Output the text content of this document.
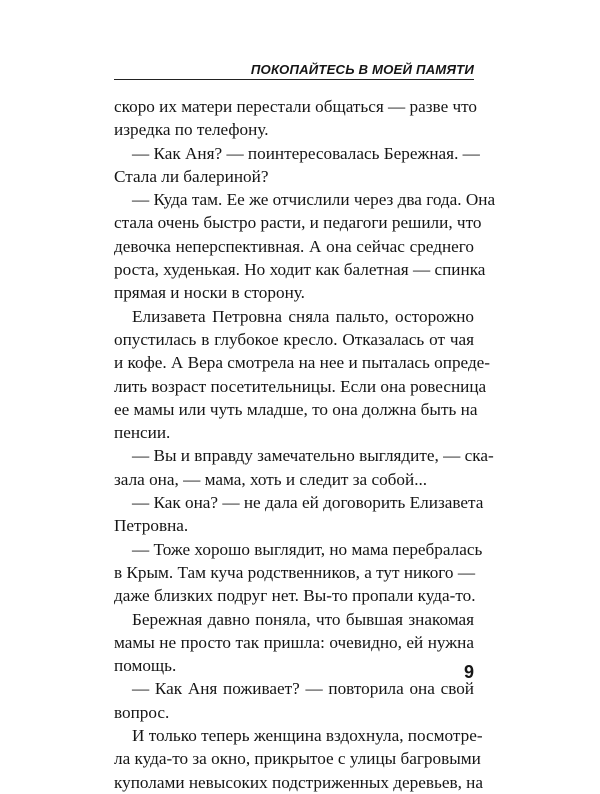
ПОКОПАЙТЕСЬ В МОЕЙ ПАМЯТИ
скоро их матери перестали общаться — разве что
изредка по телефону.
— Как Аня? — поинтересовалась Бережная. —
Стала ли балериной?
— Куда там. Ее же отчислили через два года. Она
стала очень быстро расти, и педагоги решили, что
девочка неперспективная. А она сейчас среднего
роста, худенькая. Но ходит как балетная — спинка
прямая и носки в сторону.
Елизавета Петровна сняла пальто, осторожно
опустилась в глубокое кресло. Отказалась от чая
и кофе. А Вера смотрела на нее и пыталась опреде-
лить возраст посетительницы. Если она ровесница
ее мамы или чуть младше, то она должна быть на
пенсии.
— Вы и вправду замечательно выглядите, — ска-
зала она, — мама, хоть и следит за собой...
— Как она? — не дала ей договорить Елизавета
Петровна.
— Тоже хорошо выглядит, но мама перебралась
в Крым. Там куча родственников, а тут никого —
даже близких подруг нет. Вы-то пропали куда-то.
Бережная давно поняла, что бывшая знакомая
мамы не просто так пришла: очевидно, ей нужна
помощь.
— Как Аня поживает? — повторила она свой
вопрос.
И только теперь женщина вздохнула, посмотре-
ла куда-то за окно, прикрытое с улицы багровыми
куполами невысоких подстриженных деревьев, на
9
